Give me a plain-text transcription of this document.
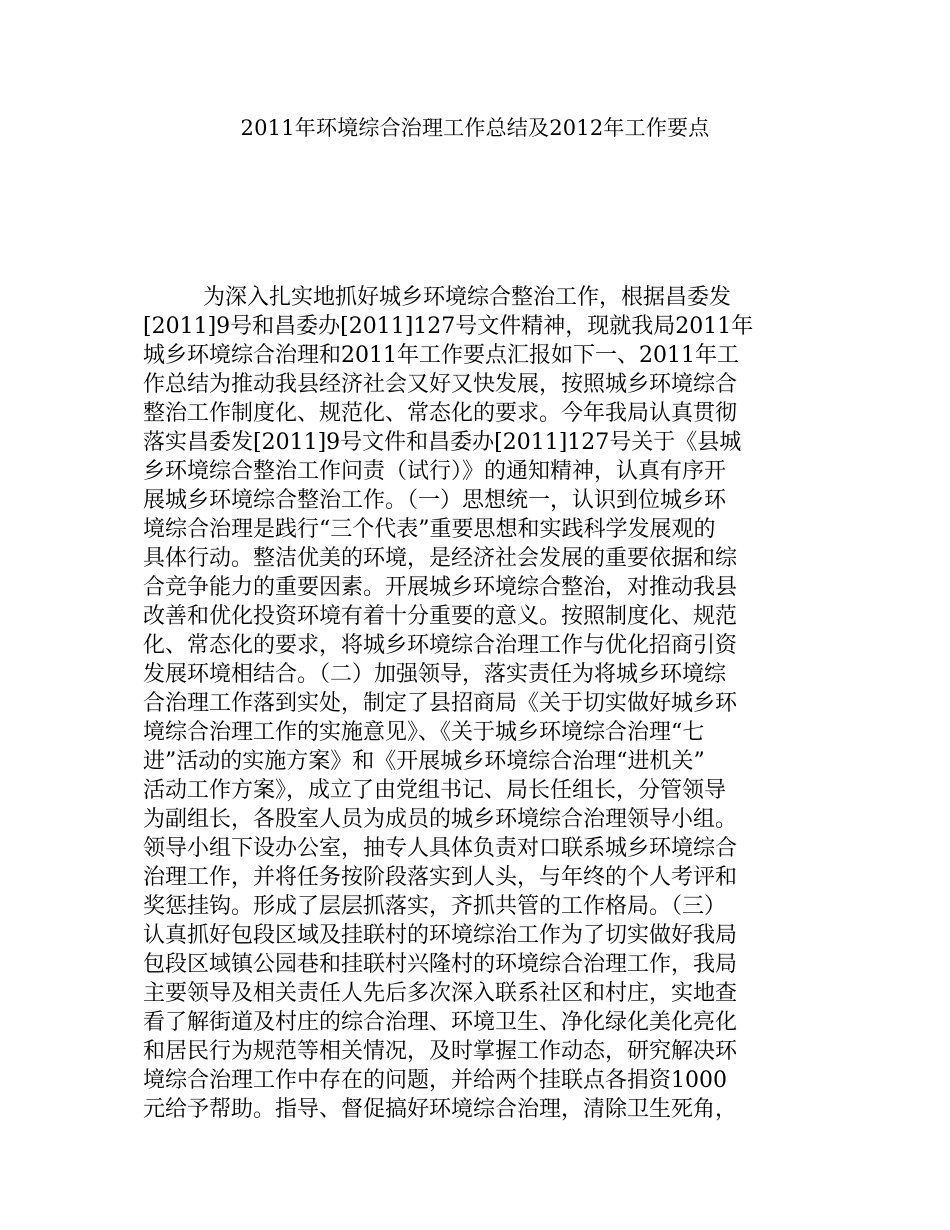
2011年环境综合治理工作总结及2012年工作要点
为深入扎实地抓好城乡环境综合整治工作，根据昌委发
[2011]9号和昌委办[2011]127号文件精神，现就我局2011年
城乡环境综合治理和2011年工作要点汇报如下一、2011年工
作总结为推动我县经济社会又好又快发展，按照城乡环境综合
整治工作制度化、规范化、常态化的要求。今年我局认真贯彻
落实昌委发[2011]9号文件和昌委办[2011]127号关于《县城
乡环境综合整治工作问责（试行）》的通知精神，认真有序开
展城乡环境综合整治工作。（一）思想统一，认识到位城乡环
境综合治理是践行“三个代表”重要思想和实践科学发展观的
具体行动。整洁优美的环境，是经济社会发展的重要依据和综
合竞争能力的重要因素。开展城乡环境综合整治，对推动我县
改善和优化投资环境有着十分重要的意义。按照制度化、规范
化、常态化的要求，将城乡环境综合治理工作与优化招商引资
发展环境相结合。（二）加强领导，落实责任为将城乡环境综
合治理工作落到实处，制定了县招商局《关于切实做好城乡环
境综合治理工作的实施意见》、《关于城乡环境综合治理“七
进”活动的实施方案》和《开展城乡环境综合治理“进机关”
活动工作方案》，成立了由党组书记、局长任组长，分管领导
为副组长，各股室人员为成员的城乡环境综合治理领导小组。
领导小组下设办公室，抽专人具体负责对口联系城乡环境综合
治理工作，并将任务按阶段落实到人头，与年终的个人考评和
奖惩挂钩。形成了层层抓落实，齐抓共管的工作格局。（三）
认真抓好包段区域及挂联村的环境综治工作为了切实做好我局
包段区域镇公园巷和挂联村兴隆村的环境综合治理工作，我局
主要领导及相关责任人先后多次深入联系社区和村庄，实地查
看了解街道及村庄的综合治理、环境卫生、净化绿化美化亮化
和居民行为规范等相关情况，及时掌握工作动态，研究解决环
境综合治理工作中存在的问题，并给两个挂联点各捐资1000
元给予帮助。指导、督促搞好环境综合治理，清除卫生死角，
